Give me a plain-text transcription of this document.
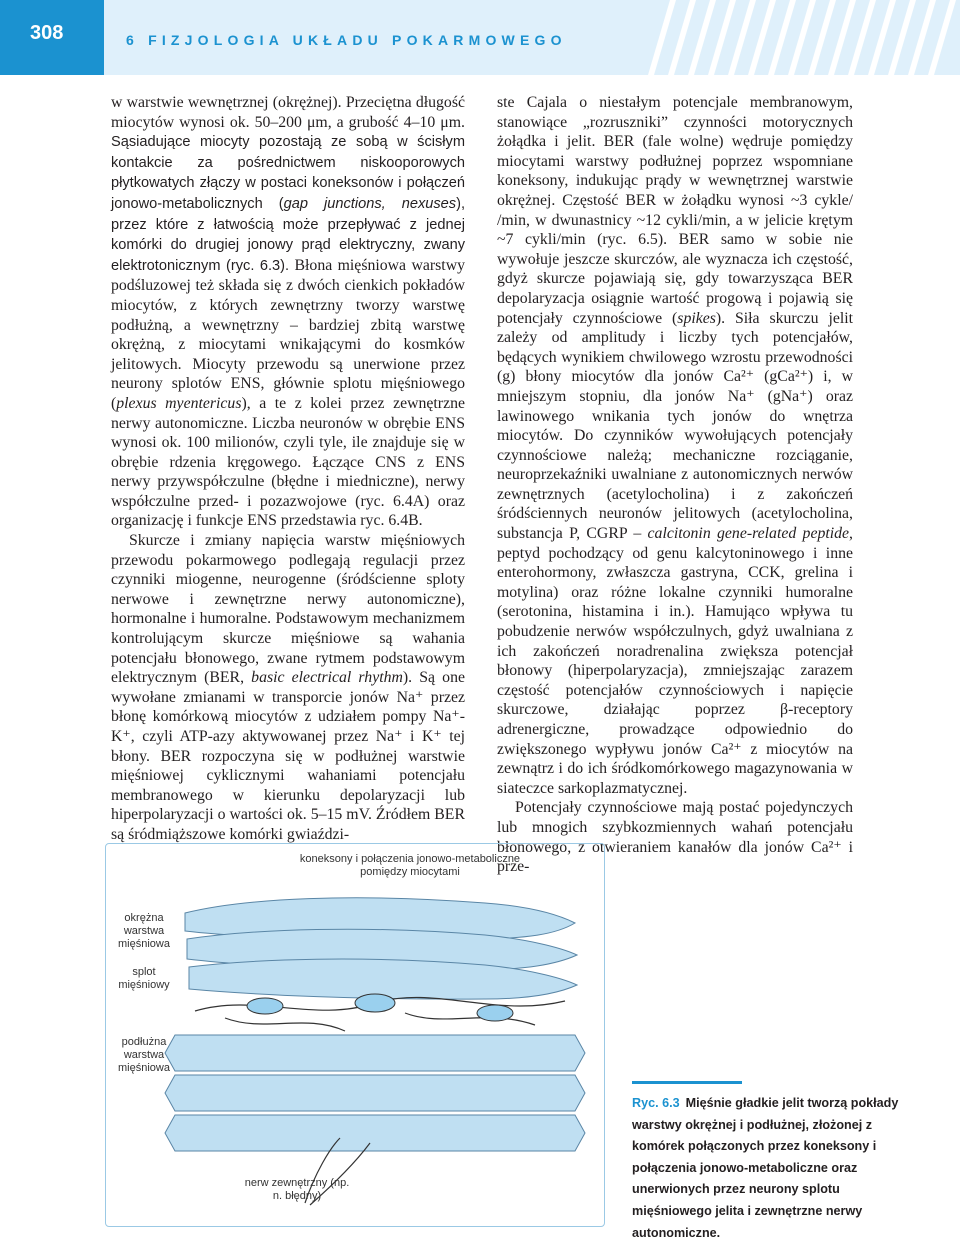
308	6 FIZJOLOGIA UKŁADU POKARMOWEGO

w warstwie wewnętrznej (okrężnej). Przeciętna długość miocytów wynosi ok. 50–200 μm, a grubość 4–10 μm. Sąsiadujące miocyty pozostają ze sobą w ścisłym kontakcie za pośrednictwem niskooporowych płytkowatych złączy w postaci koneksonów i połączeń jonowo-metabolicznych (gap junctions, nexuses), przez które z łatwością może przepływać z jednej komórki do drugiej jonowy prąd elektryczny, zwany elektrotonicznym (ryc. 6.3). Błona mięśniowa warstwy podśluzowej też składa się z dwóch cienkich pokładów miocytów, z których zewnętrzny tworzy warstwę podłużną, a wewnętrzny – bardziej zbitą warstwę okrężną, z miocytami wnikającymi do kosmków jelitowych. Miocyty przewodu są unerwione przez neurony splotów ENS, głównie splotu mięśniowego (plexus myentericus), a te z kolei przez zewnętrzne nerwy autonomiczne. Liczba neuronów w obrębie ENS wynosi ok. 100 milionów, czyli tyle, ile znajduje się w obrębie rdzenia kręgowego. Łączące CNS z ENS nerwy przywspółczulne (błędne i miedniczne), nerwy współczulne przed- i pozazwojowe (ryc. 6.4A) oraz organizację i funkcje ENS przedstawia ryc. 6.4B.

Skurcze i zmiany napięcia warstw mięśniowych przewodu pokarmowego podlegają regulacji przez czynniki miogenne, neurogenne (śródścienne sploty nerwowe i zewnętrzne nerwy autonomiczne), hormonalne i humoralne. Podstawowym mechanizmem kontrolującym skurcze mięśniowe są wahania potencjału błonowego, zwane rytmem podstawowym elektrycznym (BER, basic electrical rhythm). Są one wywołane zmianami w transporcie jonów Na⁺ przez błonę komórkową miocytów z udziałem pompy Na⁺-K⁺, czyli ATP-azy aktywowanej przez Na⁺ i K⁺ tej błony. BER rozpoczyna się w podłużnej warstwie mięśniowej cyklicznymi wahaniami potencjału membranowego w kierunku depolaryzacji lub hiperpolaryzacji o wartości ok. 5–15 mV. Źródłem BER są śródmiąższowe komórki gwiaździ-

ste Cajala o niestałym potencjale membranowym, stanowiące „rozruszniki” czynności motorycznych żołądka i jelit. BER (fale wolne) wędruje pomiędzy miocytami warstwy podłużnej poprzez wspomniane koneksony, indukując prądy w wewnętrznej warstwie okrężnej. Częstość BER w żołądku wynosi ~3 cykle/ /min, w dwunastnicy ~12 cykli/min, a w jelicie krętym ~7 cykli/min (ryc. 6.5). BER samo w sobie nie wywołuje jeszcze skurczów, ale wyznacza ich częstość, gdyż skurcze pojawiają się, gdy towarzysząca BER depolaryzacja osiągnie wartość progową i pojawią się potencjały czynnościowe (spikes). Siła skurczu jelit zależy od amplitudy i liczby tych potencjałów, będących wynikiem chwilowego wzrostu przewodności (g) błony miocytów dla jonów Ca²⁺ (gCa²⁺) i, w mniejszym stopniu, dla jonów Na⁺ (gNa⁺) oraz lawinowego wnikania tych jonów do wnętrza miocytów. Do czynników wywołujących potencjały czynnościowe należą; mechaniczne rozciąganie, neuroprzekaźniki uwalniane z autonomicznych nerwów zewnętrznych (acetylocholina) i z zakończeń śródściennych neuronów jelitowych (acetylocholina, substancja P, CGRP – calcitonin gene-related peptide, peptyd pochodzący od genu kalcytoninowego i inne enterohormony, zwłaszcza gastryna, CCK, grelina i motylina) oraz różne lokalne czynniki humoralne (serotonina, histamina i in.). Hamująco wpływa tu pobudzenie nerwów współczulnych, gdyż uwalniana z ich zakończeń noradrenalina zwiększa potencjał błonowy (hiperpolaryzacja), zmniejszając zarazem częstość potencjałów czynnościowych i napięcie skurczowe, działając poprzez β-receptory adrenergiczne, prowadzące odpowiednio do zwiększonego wypływu jonów Ca²⁺ z miocytów na zewnątrz i do ich śródkomórkowego magazynowania w siateczce sarkoplazmatycznej.

Potencjały czynnościowe mają postać pojedynczych lub mnogich szybkozmiennych wahań potencjału błonowego, z otwieraniem kanałów dla jonów Ca²⁺ i prze-

koneksony i połączenia jonowo-metaboliczne pomiędzy miocytami
okrężna warstwa mięśniowa
splot mięśniowy
podłużna warstwa mięśniowa
nerw zewnętrzny (np. n. błędny)
Ryc. 6.3 Mięśnie gładkie jelit tworzą pokłady warstwy okrężnej i podłużnej, złożonej z komórek połączonych przez koneksony i połączenia jonowo-metaboliczne oraz unerwionych przez neurony splotu mięśniowego jelita i zewnętrzne nerwy autonomiczne.
